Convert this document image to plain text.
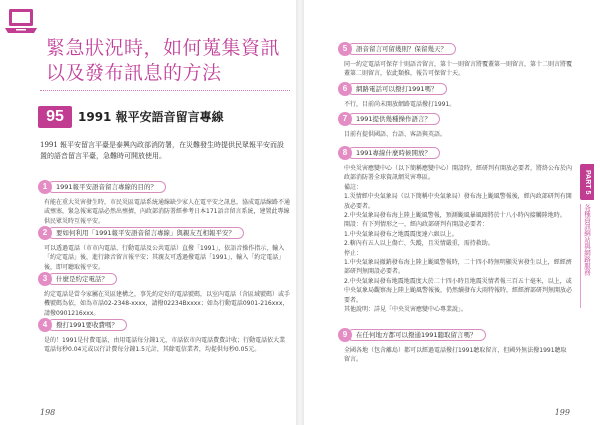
緊急狀況時，如何蒐集資訊以及發布訊息的方法
95	1991 報平安語音留言專線
1991 報平安留言平臺是泰興內政部消防署，在災難發生時提供民眾報平安而設置的語音留言平臺，急難時可開放使用。
1	1991報平安語音留言專線的目的？
有能在重大災害發生時，市民災區電話系統通線缺少家人在電平安之訊息，協成電話線路不通或壅塞，緊急報案電話必然出壅擠，內政部消防署經參考日本171語音留言系統，建置此專線供民眾災時互報平安。
2	要如何利用「1991報平安語音留言專線」與親友互相報平安？
可以透過電話（市市內電話、行動電話及公共電話）直撥「1991」，依語音操作指示，輸入「約定電話」後，進行錄音留言報平安；其親友可透過撥電話「1991」，輸入「約定電話」後，即可聽取報平安。
3	什麼是約定電話？
約定電話是當今家屬在災區建構之，事先約定好的電話號碼，以室內電話（含區域號碼）或手機號碼為依，如為市話02-2348-xxxx，請撥02234Bxxxx；如為行動電話0901-216xxx，請撥0901216xxx。
4	撥打1991要收費嗎？
是的！1991是付費電話，由用電話每分鐘1元，市話依市內電話費費計收；行動電話依大業電話每秒0.04元或以行計費每分鐘1.5元計，其餘電信業者，均提供每秒0.05元。
198
5	語音留言可留幾則？保留幾天？
同一約定電話可保存十則語音留言，第十一則留言將覆蓋第一則留言，第十二則言將覆蓋第二則留言，依此類推，報告可保留十天。
6	網路電話可以撥打1991嗎？
不行，目前尚未開放網路電話撥打1991。
7	1991提供幾種操作語言？
目前有提供國語、台語、客語與英語。
8	1991專線什麼時候開放？

中央災害應變中心（以下簡稱應變中心）開設時，經研判有開放必要者，將終公布於內政部消防署全球資訊網災害專區。

備註：

1.災情經中央氣象局（以下簡稱中央氣象局）發布海上颱風警報後，經內政部研判有開放必要者。

2.中央氣象局發布海上陸上颱風警報，預測颱風暴風圈將於十八小時內接觸陸地時。

開設：有下列情形之一，經內政部研判有開設必要者：

1.中央氣象局發布之地震震度達六級以上。

2.轄內有五人以上傷亡、失蹤，且災情嚴重，需持救助。

停止：

1.中央氣象局撤銷發布海上陸上颱風警報時，二十四小時無明顯災害發生以上，經經濟部研判無開設必要者。

2.中央氣象局發布地震地震度大於二十四小時且地震災情者報三百五十毫米，以上，或中央氣象局觀察海上陸上颱風警報後，仍然續發布大雨特報時，經經濟部研判無開放必要者。

其他說明：詳見「中央災害應變中心專業說」。

9	在任何地方都可以撥通1991聽取留言嗎？
全國各地（包含離島）都可以經過電話撥打1991聽取留言，但國外無法撥1991聽取留言。
PART 5
各種資訊網站與網路服務
199
